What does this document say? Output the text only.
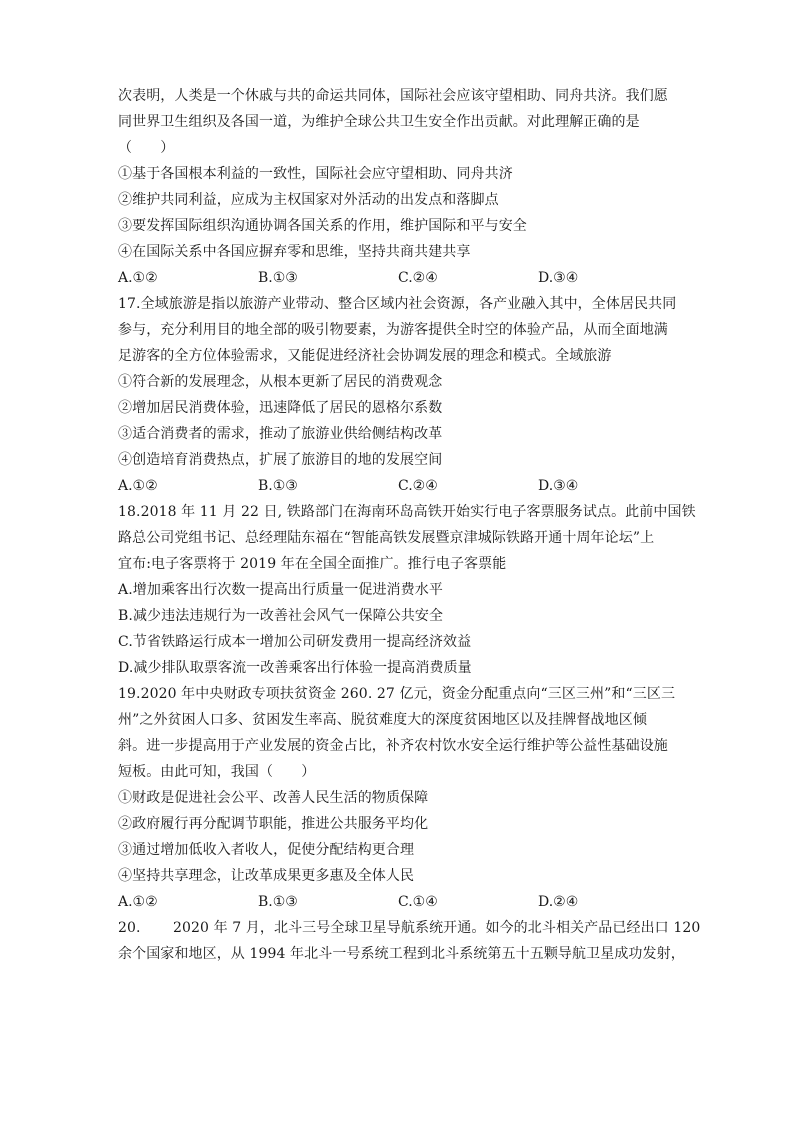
次表明，人类是一个休戚与共的命运共同体，国际社会应该守望相助、同舟共济。我们愿
同世界卫生组织及各国一道，为维护全球公共卫生安全作出贡献。对此理解正确的是
（　　）
①基于各国根本利益的一致性，国际社会应守望相助、同舟共济
②维护共同利益，应成为主权国家对外活动的出发点和落脚点
③要发挥国际组织沟通协调各国关系的作用，维护国际和平与安全
④在国际关系中各国应摒弃零和思维，坚持共商共建共享
A.①②	B.①③	C.②④	D.③④
17.全域旅游是指以旅游产业带动、整合区域内社会资源，各产业融入其中，全体居民共同
参与，充分利用目的地全部的吸引物要素，为游客提供全时空的体验产品，从而全面地满
足游客的全方位体验需求，又能促进经济社会协调发展的理念和模式。全域旅游
①符合新的发展理念，从根本更新了居民的消费观念
②增加居民消费体验，迅速降低了居民的恩格尔系数
③适合消费者的需求，推动了旅游业供给侧结构改革
④创造培育消费热点，扩展了旅游目的地的发展空间
A.①②	B.①③	C.②④	D.③④
18.2018 年 11 月 22 日, 铁路部门在海南环岛高铁开始实行电子客票服务试点。此前中国铁
路总公司党组书记、总经理陆东福在“智能高铁发展暨京津城际铁路开通十周年论坛”上
宜布:电子客票将于 2019 年在全国全面推广。推行电子客票能
A.增加乘客出行次数一提高出行质量一促进消费水平
B.减少违法违规行为一改善社会风气一保障公共安全
C.节省铁路运行成本一增加公司研发费用一提高经济效益
D.减少排队取票客流一改善乘客出行体验一提高消费质量
19.2020 年中央财政专项扶贫资金 260. 27 亿元，资金分配重点向“三区三州”和“三区三
州”之外贫困人口多、贫困发生率高、脱贫难度大的深度贫困地区以及挂牌督战地区倾
斜。进一步提高用于产业发展的资金占比，补齐农村饮水安全运行维护等公益性基础设施
短板。由此可知，我国（　　）
①财政是促进社会公平、改善人民生活的物质保障
②政府履行再分配调节职能，推进公共服务平均化
③通过增加低收入者收人，促使分配结构更合理
④坚持共享理念，让改革成果更多惠及全体人民
A.①②	B.①③	C.①④	D.②④
20. 2020 年 7 月，北斗三号全球卫星导航系统开通。如今的北斗相关产品已经出口 120
余个国家和地区，从 1994 年北斗一号系统工程到北斗系统第五十五颗导航卫星成功发射，
